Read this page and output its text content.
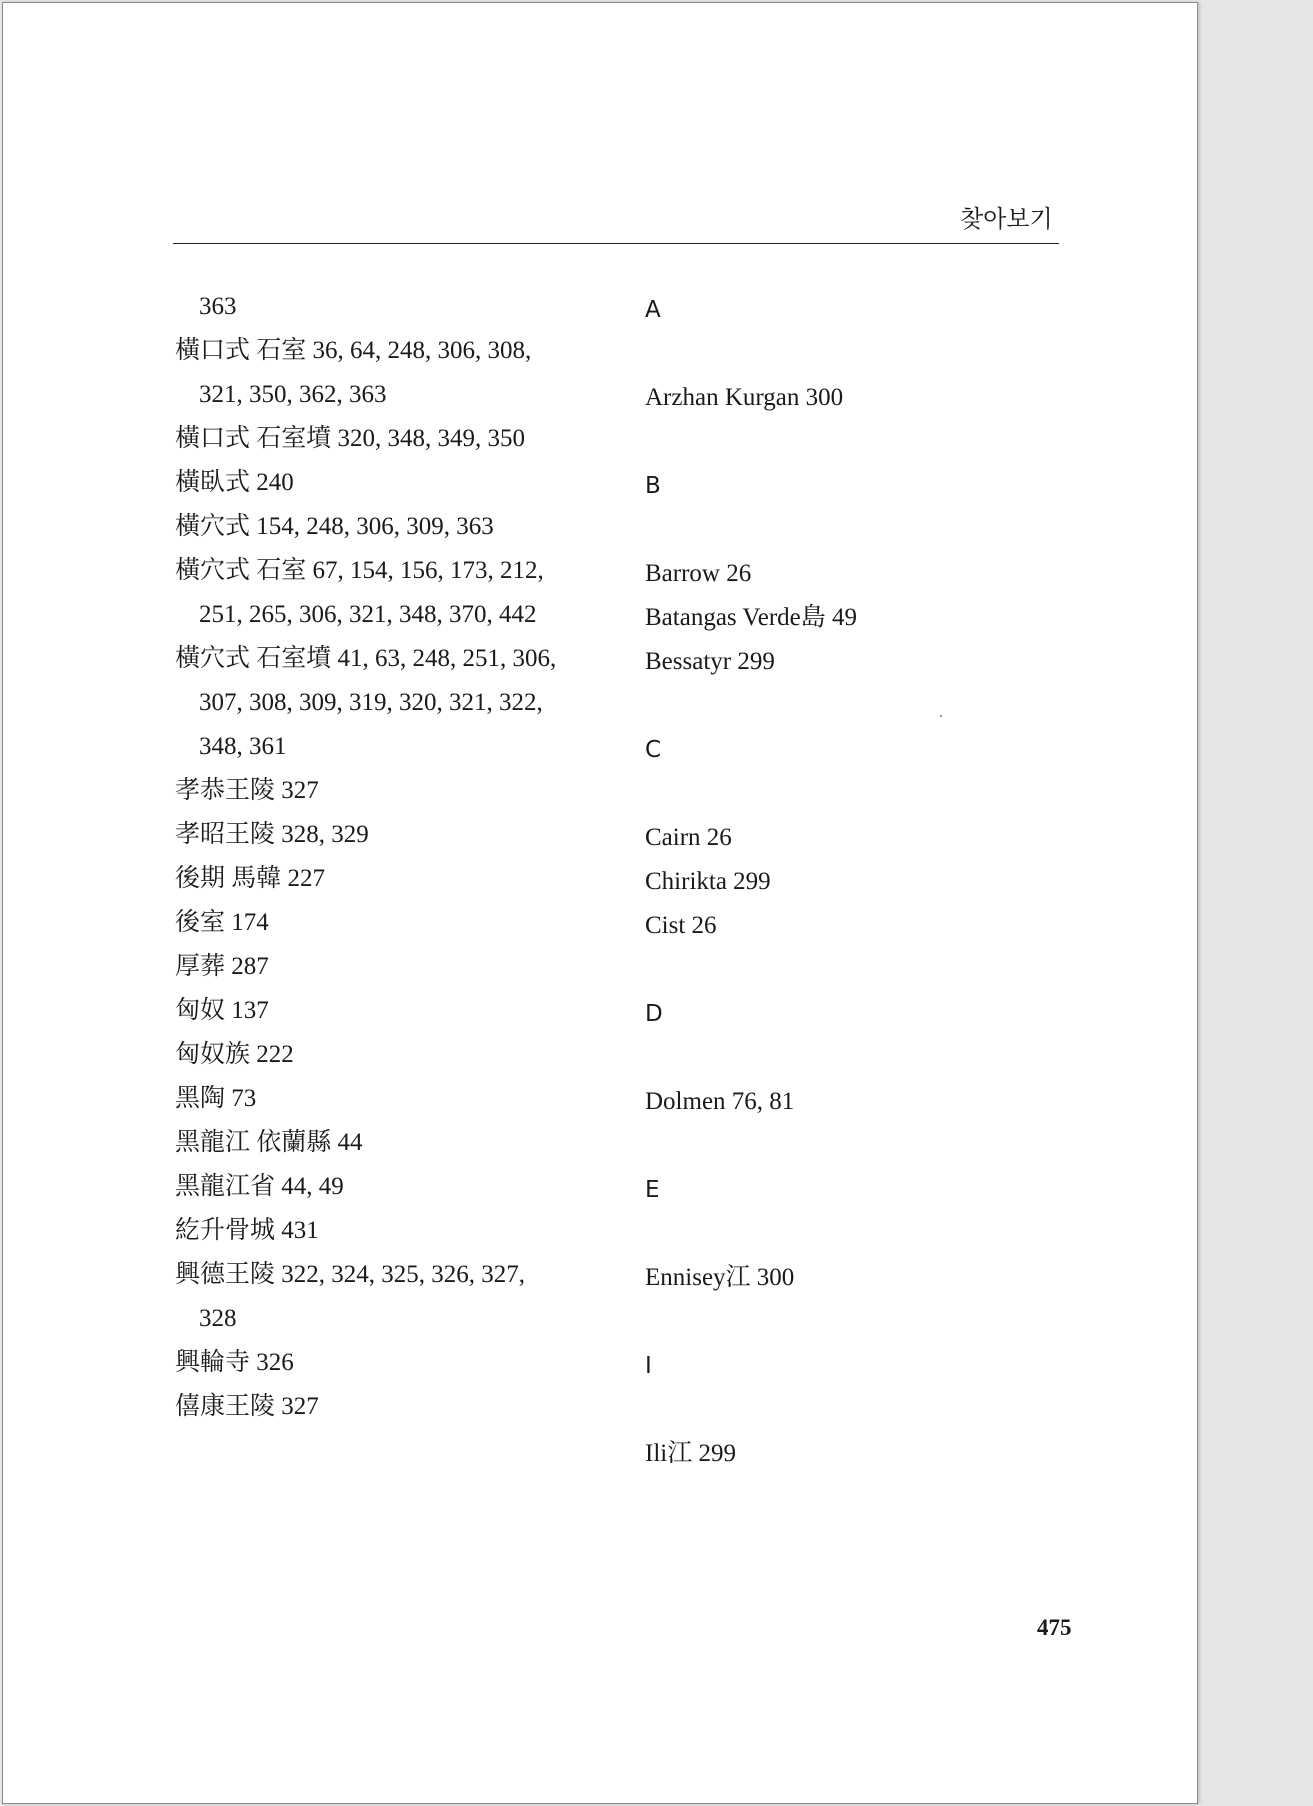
찾아보기
363
橫口式 石室 36, 64, 248, 306, 308,
321, 350, 362, 363
橫口式 石室墳 320, 348, 349, 350
橫臥式 240
橫穴式 154, 248, 306, 309, 363
橫穴式 石室 67, 154, 156, 173, 212,
251, 265, 306, 321, 348, 370, 442
橫穴式 石室墳 41, 63, 248, 251, 306,
307, 308, 309, 319, 320, 321, 322,
348, 361
孝恭王陵 327
孝昭王陵 328, 329
後期 馬韓 227
後室 174
厚葬 287
匈奴 137
匈奴族 222
黑陶 73
黑龍江 依蘭縣 44
黑龍江省 44, 49
紇升骨城 431
興德王陵 322, 324, 325, 326, 327,
328
興輪寺 326
僖康王陵 327
A
Arzhan Kurgan 300
B
Barrow 26
Batangas Verde島 49
Bessatyr 299
C
Cairn 26
Chirikta 299
Cist 26
D
Dolmen 76, 81
E
Ennisey江 300
I
Ili江 299
475
